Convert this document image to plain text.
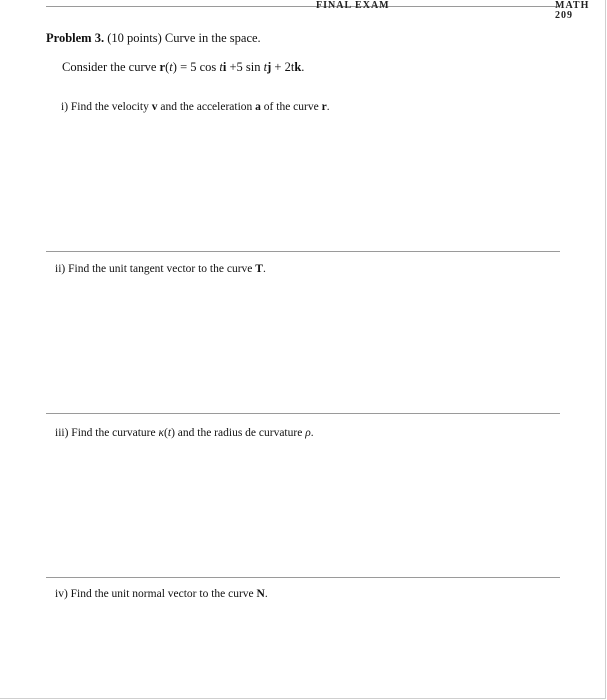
FINAL EXAM	MATH 209
Problem 3. (10 points) Curve in the space.
Consider the curve r(t) = 5 cos ti +5 sin tj + 2tk.
i) Find the velocity v and the acceleration a of the curve r.
ii) Find the unit tangent vector to the curve T.
iii) Find the curvature κ(t) and the radius de curvature ρ.
iv) Find the unit normal vector to the curve N.
